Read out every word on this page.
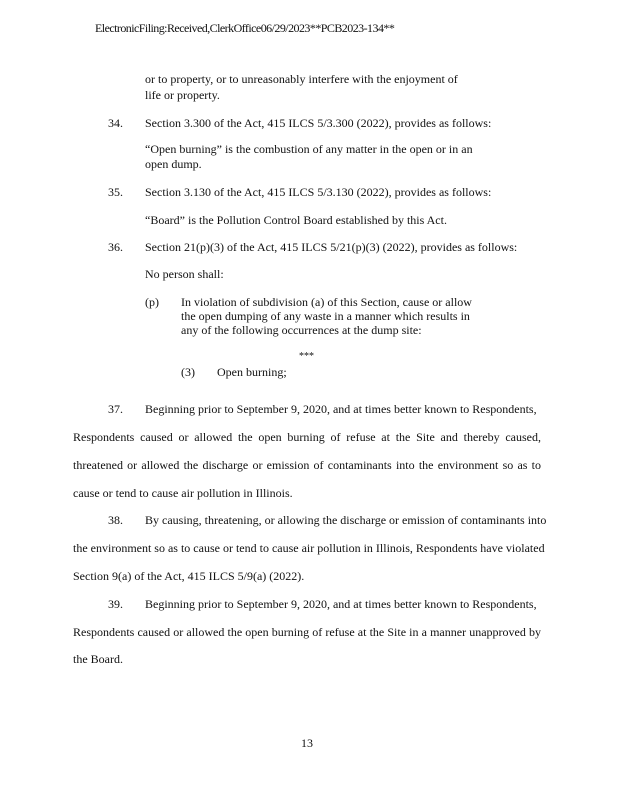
ElectronicFiling:Received,ClerkOffice06/29/2023**PCB2023-134**
or to property, or to unreasonably interfere with the enjoyment of
life or property.
34. Section 3.300 of the Act, 415 ILCS 5/3.300 (2022), provides as follows:
“Open burning” is the combustion of any matter in the open or in an
open dump.
35. Section 3.130 of the Act, 415 ILCS 5/3.130 (2022), provides as follows:
“Board” is the Pollution Control Board established by this Act.
36. Section 21(p)(3) of the Act, 415 ILCS 5/21(p)(3) (2022), provides as follows:
No person shall:
(p) In violation of subdivision (a) of this Section, cause or allow
the open dumping of any waste in a manner which results in
any of the following occurrences at the dump site:
***
(3) Open burning;
37. Beginning prior to September 9, 2020, and at times better known to Respondents,
Respondents caused or allowed the open burning of refuse at the Site and thereby caused,
threatened or allowed the discharge or emission of contaminants into the environment so as to
cause or tend to cause air pollution in Illinois.
38. By causing, threatening, or allowing the discharge or emission of contaminants into
the environment so as to cause or tend to cause air pollution in Illinois, Respondents have violated
Section 9(a) of the Act, 415 ILCS 5/9(a) (2022).
39. Beginning prior to September 9, 2020, and at times better known to Respondents,
Respondents caused or allowed the open burning of refuse at the Site in a manner unapproved by
the Board.
13
